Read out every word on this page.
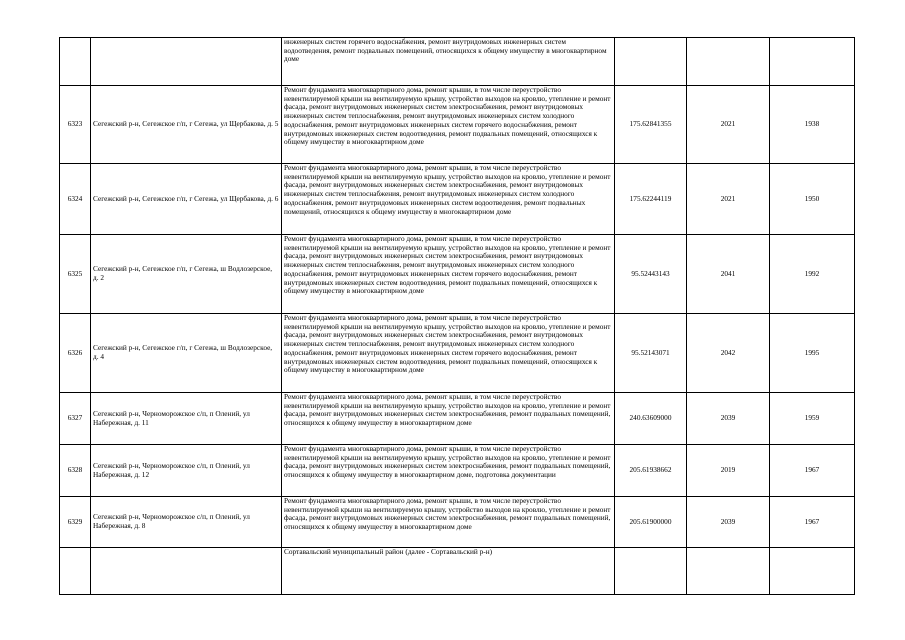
		инженерных систем горячего водоснабжения, ремонт внутридомовых инженерных систем водоотведения, ремонт подвальных помещений, относящихся к общему имуществу в многоквартирном доме			
6323	Сегежский р-н, Сегежское г/п, г Сегежа, ул Щербакова, д. 5	Ремонт фундамента многоквартирного дома, ремонт крыши, в том числе переустройство невентилируемой крыши на вентилируемую крышу, устройство выходов на кровлю, утепление и ремонт фасада, ремонт внутридомовых инженерных систем электроснабжения, ремонт внутридомовых инженерных систем теплоснабжения, ремонт внутридомовых инженерных систем холодного водоснабжения, ремонт внутридомовых инженерных систем горячего водоснабжения, ремонт внутридомовых инженерных систем водоотведения, ремонт подвальных помещений, относящихся к общему имуществу в многоквартирном доме	175.62841355	2021	1938
6324	Сегежский р-н, Сегежское г/п, г Сегежа, ул Щербакова, д. 6	Ремонт фундамента многоквартирного дома, ремонт крыши, в том числе переустройство невентилируемой крыши на вентилируемую крышу, устройство выходов на кровлю, утепление и ремонт фасада, ремонт внутридомовых инженерных систем электроснабжения, ремонт внутридомовых инженерных систем теплоснабжения, ремонт внутридомовых инженерных систем холодного водоснабжения, ремонт внутридомовых инженерных систем водоотведения, ремонт подвальных помещений, относящихся к общему имуществу в многоквартирном доме	175.62244119	2021	1950
6325	Сегежский р-н, Сегежское г/п, г Сегежа, ш Водлозерское, д. 2	Ремонт фундамента многоквартирного дома, ремонт крыши, в том числе переустройство невентилируемой крыши на вентилируемую крышу, устройство выходов на кровлю, утепление и ремонт фасада, ремонт внутридомовых инженерных систем электроснабжения, ремонт внутридомовых инженерных систем теплоснабжения, ремонт внутридомовых инженерных систем холодного водоснабжения, ремонт внутридомовых инженерных систем горячего водоснабжения, ремонт внутридомовых инженерных систем водоотведения, ремонт подвальных помещений, относящихся к общему имуществу в многоквартирном доме	95.52443143	2041	1992
6326	Сегежский р-н, Сегежское г/п, г Сегежа, ш Водлозерское, д. 4	Ремонт фундамента многоквартирного дома, ремонт крыши, в том числе переустройство невентилируемой крыши на вентилируемую крышу, устройство выходов на кровлю, утепление и ремонт фасада, ремонт внутридомовых инженерных систем электроснабжения, ремонт внутридомовых инженерных систем теплоснабжения, ремонт внутридомовых инженерных систем холодного водоснабжения, ремонт внутридомовых инженерных систем горячего водоснабжения, ремонт внутридомовых инженерных систем водоотведения, ремонт подвальных помещений, относящихся к общему имуществу в многоквартирном доме	95.52143071	2042	1995
6327	Сегежский р-н, Черноморожское с/п, п Олений, ул Набережная, д. 11	Ремонт фундамента многоквартирного дома, ремонт крыши, в том числе переустройство невентилируемой крыши на вентилируемую крышу, устройство выходов на кровлю, утепление и ремонт фасада, ремонт внутридомовых инженерных систем электроснабжения, ремонт подвальных помещений, относящихся к общему имуществу в многоквартирном доме	240.63609000	2039	1959
6328	Сегежский р-н, Черноморожское с/п, п Олений, ул Набережная, д. 12	Ремонт фундамента многоквартирного дома, ремонт крыши, в том числе переустройство невентилируемой крыши на вентилируемую крышу, устройство выходов на кровлю, утепление и ремонт фасада, ремонт внутридомовых инженерных систем электроснабжения, ремонт подвальных помещений, относящихся к общему имуществу в многоквартирном доме, подготовка документации	205.61938662	2019	1967
6329	Сегежский р-н, Черноморожское с/п, п Олений, ул Набережная, д. 8	Ремонт фундамента многоквартирного дома, ремонт крыши, в том числе переустройство невентилируемой крыши на вентилируемую крышу, устройство выходов на кровлю, утепление и ремонт фасада, ремонт внутридомовых инженерных систем электроснабжения, ремонт подвальных помещений, относящихся к общему имуществу в многоквартирном доме	205.61900000	2039	1967
		Сортавальский муниципальный район (далее - Сортавальский р-н)			
